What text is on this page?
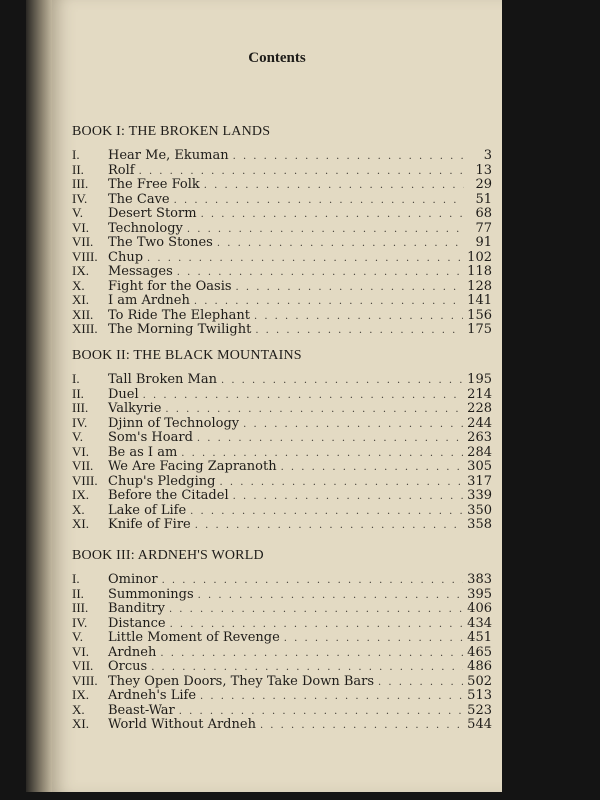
Contents
BOOK I: THE BROKEN LANDS
I.	Hear Me, Ekuman . . .	3
II.	Rolf . . .	13
III.	The Free Folk . . .	29
IV.	The Cave . . .	51
V.	Desert Storm . . .	68
VI.	Technology . . .	77
VII.	The Two Stones . . .	91
VIII. Chup . . .	102
IX.	Messages . . .	118
X.	Fight for the Oasis . . .	128
XI.	I am Ardneh . . .	141
XII.	To Ride The Elephant . . .	156
XIII. The Morning Twilight . . .	175
BOOK II: THE BLACK MOUNTAINS
I.	Tall Broken Man . . .	195
II.	Duel . . .	214
III.	Valkyrie . . .	228
IV.	Djinn of Technology . . .	244
V.	Som's Hoard . . .	263
VI.	Be as I am . . .	284
VII.	We Are Facing Zapranoth . . .	305
VIII. Chup's Pledging . . .	317
IX.	Before the Citadel . . .	339
X.	Lake of Life . . .	350
XI.	Knife of Fire . . .	358
BOOK III: ARDNEH'S WORLD
I.	Ominor . . .	383
II.	Summonings . . .	395
III.	Banditry . . .	406
IV.	Distance . . .	434
V.	Little Moment of Revenge . . .	451
VI.	Ardneh . . .	465
VII.	Orcus . . .	486
VIII. They Open Doors, They Take Down Bars . . .	502
IX.	Ardneh's Life . . .	513
X.	Beast-War . . .	523
XI.	World Without Ardneh . . .	544
